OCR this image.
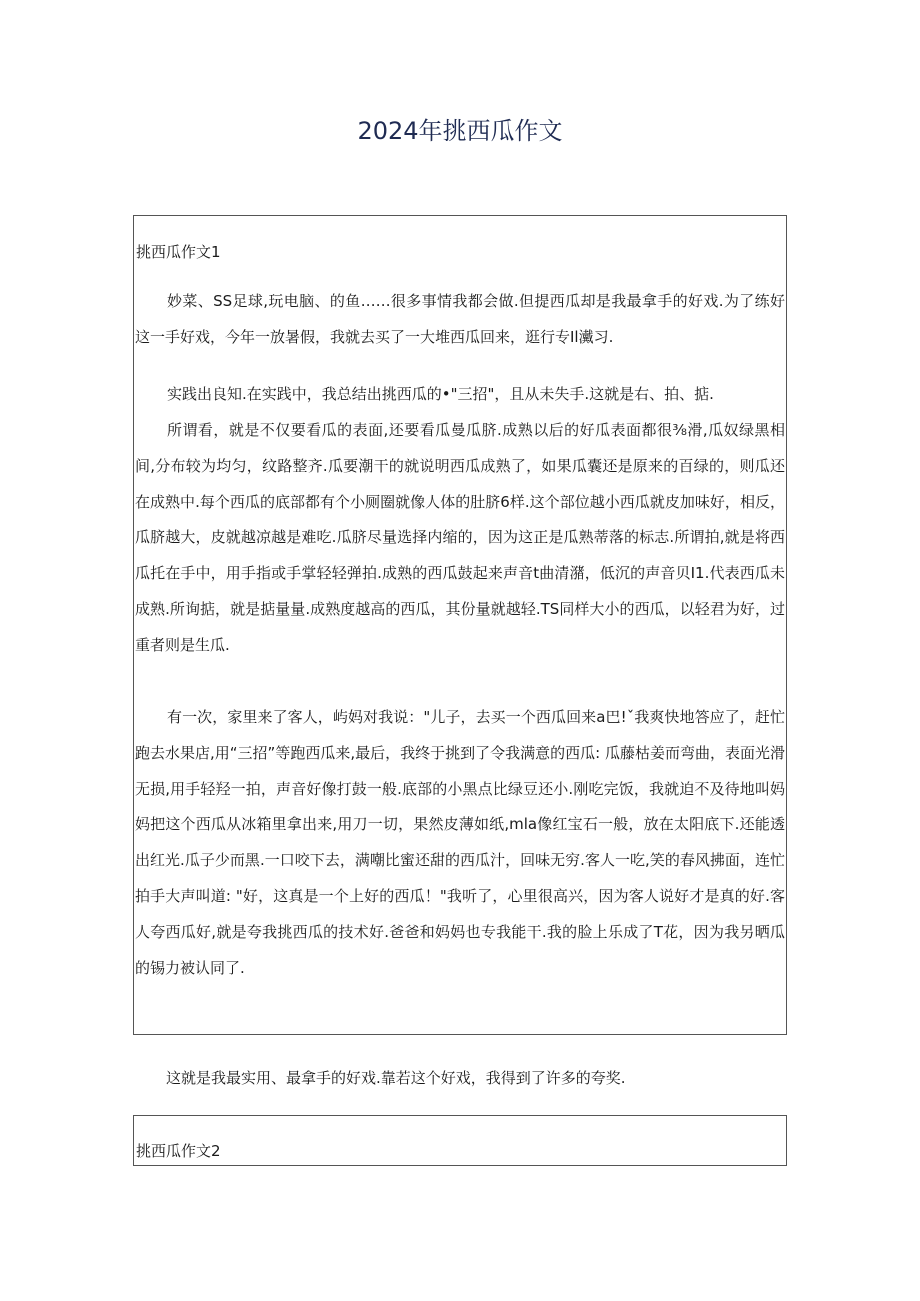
2024年挑西瓜作文
挑西瓜作文1

妙菜、SS足球,玩电脑、的鱼……很多事情我都会做.但提西瓜却是我最拿手的好戏.为了练好这一手好戏，今年一放暑假，我就去买了一大堆西瓜回来，逛行专Il瀻习.

实践出良知.在实践中，我总结出挑西瓜的•"三招"，且从未失手.这就是右、拍、掂.

所谓看，就是不仅要看瓜的表面,还要看瓜曼瓜脐.成熟以后的好瓜表面都很⅜滑,瓜奴绿黑相间,分布较为均匀，纹路整齐.瓜要潮干的就说明西瓜成熟了，如果瓜囊还是原来的百绿的，则瓜还在成熟中.每个西瓜的底部都有个小厕圈就像人体的肚脐6样.这个部位越小西瓜就皮加味好，相反，瓜脐越大，皮就越凉越是难吃.瓜脐尽量选择内缩的，因为这正是瓜熟蒂落的标志.所谓拍,就是将西瓜托在手中，用手指或手掌轻轻弹拍.成熟的西瓜鼓起来声音t曲清潴，低沉的声音贝I1.代表西瓜未成熟.所询掂，就是掂量量.成熟度越高的西瓜，其份量就越轻.TS同样大小的西瓜，以轻君为好，过重者则是生瓜.

有一次，家里来了客人，屿妈对我说："儿子，去买一个西瓜回来a巴!ˇ我爽快地答应了，赶忙跑去水果店,用“三招”等跑西瓜来,最后，我终于挑到了令我满意的西瓜: 瓜藤枯姜而弯曲，表面光滑无损,用手轻羟一拍，声音好像打鼓一般.底部的小黑点比绿豆还小.刚吃完饭，我就迫不及待地叫妈妈把这个西瓜从冰箱里拿出来,用刀一切，果然皮薄如纸,mla像红宝石一般，放在太阳底下.还能透出红光.瓜子少而黑.一口咬下去，满嘲比蜜还甜的西瓜汁，回味无穷.客人一吃,笑的春风拂面，连忙拍手大声叫道: "好，这真是一个上好的西瓜！"我听了，心里很高兴，因为客人说好才是真的好.客人夸西瓜好,就是夸我挑西瓜的技术好.爸爸和妈妈也专我能干.我的脸上乐成了T花，因为我另晒瓜的锡力被认同了.

这就是我最实用、最拿手的好戏.靠若这个好戏，我得到了许多的夸奖.

挑西瓜作文2
